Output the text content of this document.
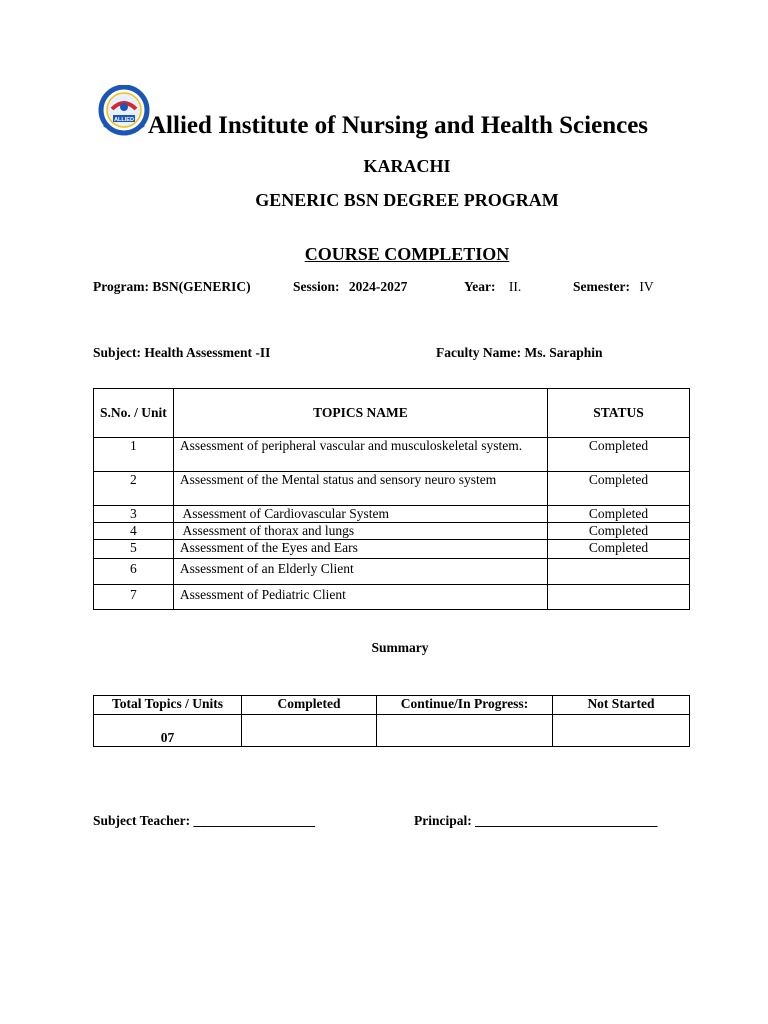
ALLIED Allied Institute of Nursing and Health Sciences
KARACHI
GENERIC BSN DEGREE PROGRAM
COURSE COMPLETION
Program: BSN(GENERIC)	Session: 2024-2027	Year: II.	Semester: IV
Subject: Health Assessment -II	Faculty Name: Ms. Saraphin
S.No. / Unit	TOPICS NAME	STATUS
1	Assessment of peripheral vascular and musculoskeletal system.	Completed
2	Assessment of the Mental status and sensory neuro system	Completed
3	Assessment of Cardiovascular System	Completed
4	Assessment of thorax and lungs	Completed
5	Assessment of the Eyes and Ears	Completed
6	Assessment of an Elderly Client	
7	Assessment of Pediatric Client	
Summary
Total Topics / Units	Completed	Continue/In Progress:	Not Started
07			
Subject Teacher: __________________	Principal: ___________________________
